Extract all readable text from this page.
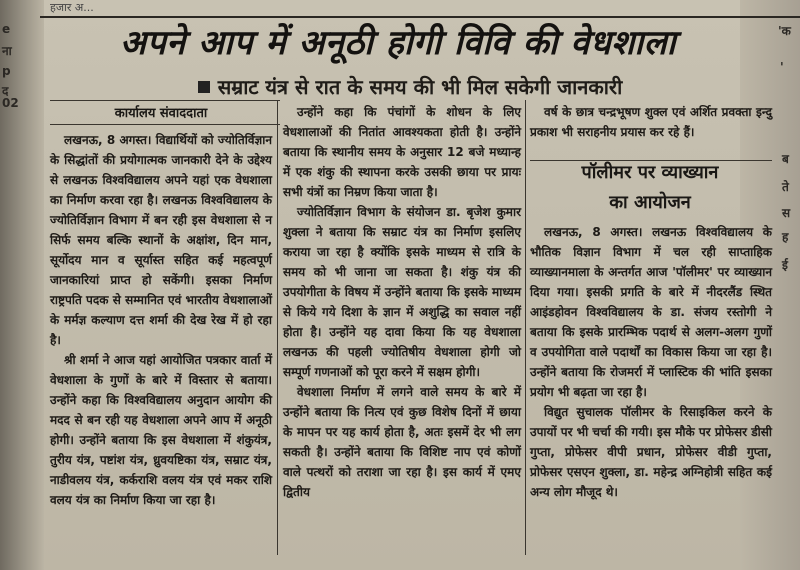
हजार अ...
e
ना
p
द
02
'क
'
ब
ते
स
ह
ई
अपने आप में अनूठी होगी विवि की वेधशाला
सम्राट यंत्र से रात के समय की भी मिल सकेगी जानकारी
कार्यालय संवाददाता

लखनऊ, 8 अगस्त। विद्यार्थियों को ज्योतिर्विज्ञान के सिद्धांतों की प्रयोगात्मक जानकारी देने के उद्देश्य से लखनऊ विश्वविद्यालय अपने यहां एक वेधशाला का निर्माण करवा रहा है। लखनऊ विश्वविद्यालय के ज्योतिर्विज्ञान विभाग में बन रही इस वेधशाला से न सिर्फ समय बल्कि स्थानों के अक्षांश, दिन मान, सूर्योदय मान व सूर्यास्त सहित कई महत्वपूर्ण जानकारियां प्राप्त हो सकेंगी। इसका निर्माण राष्ट्रपति पदक से सम्मानित एवं भारतीय वेधशालाओं के मर्मज्ञ कल्याण दत्त शर्मा की देख रेख में हो रहा है।

श्री शर्मा ने आज यहां आयोजित पत्रकार वार्ता में वेधशाला के गुणों के बारे में विस्तार से बताया। उन्होंने कहा कि विश्वविद्यालय अनुदान आयोग की मदद से बन रही यह वेधशाला अपने आप में अनूठी होगी। उन्होंने बताया कि इस वेधशाला में शंकुयंत्र, तुरीय यंत्र, पष्टांश यंत्र, ध्रुवयष्टिका यंत्र, सम्राट यंत्र, नाडीवलय यंत्र, कर्कराशि वलय यंत्र एवं मकर राशि वलय यंत्र का निर्माण किया जा रहा है।

उन्होंने कहा कि पंचांगों के शोधन के लिए वेधशालाओं की नितांत आवश्यकता होती है। उन्होंने बताया कि स्थानीय समय के अनुसार 12 बजे मध्यान्ह में एक शंकु की स्थापना करके उसकी छाया पर प्रायः सभी यंत्रों का निम्रण किया जाता है।

ज्योतिर्विज्ञान विभाग के संयोजन डा. बृजेश कुमार शुक्ला ने बताया कि सम्राट यंत्र का निर्माण इसलिए कराया जा रहा है क्योंकि इसके माध्यम से रात्रि के समय को भी जाना जा सकता है। शंकु यंत्र की उपयोगीता के विषय में उन्होंने बताया कि इसके माध्यम से किये गये दिशा के ज्ञान में अशुद्धि का सवाल नहीं होता है। उन्होंने यह दावा किया कि यह वेधशाला लखनऊ की पहली ज्योतिषीय वेधशाला होगी जो सम्पूर्ण गणनाओं को पूरा करने में सक्षम होगी।

वेधशाला निर्माण में लगने वाले समय के बारे में उन्होंने बताया कि नित्य एवं कुछ विशेष दिनों में छाया के मापन पर यह कार्य होता है, अतः इसमें देर भी लग सकती है। उन्होंने बताया कि विशिष्ट नाप एवं कोणों वाले पत्थरों को तराशा जा रहा है। इस कार्य में एमए द्वितीय

वर्ष के छात्र चन्द्रभूषण शुक्ल एवं अर्शित प्रवक्ता इन्दु प्रकाश भी सराहनीय प्रयास कर रहे हैं।

पॉलीमर पर व्याख्यान
का आयोजन

लखनऊ, 8 अगस्त। लखनऊ विश्वविद्यालय के भौतिक विज्ञान विभाग में चल रही साप्ताहिक व्याख्यानमाला के अन्तर्गत आज 'पॉलीमर' पर व्याख्यान दिया गया। इसकी प्रगति के बारे में नीदरलैंड स्थित आइंडहोवन विश्वविद्यालय के डा. संजय रस्तोगी ने बताया कि इसके प्रारम्भिक पदार्थ से अलग-अलग गुणों व उपयोगिता वाले पदार्थों का विकास किया जा रहा है। उन्होंने बताया कि रोजमर्रा में प्लास्टिक की भांति इसका प्रयोग भी बढ़ता जा रहा है।

विद्युत सुचालक पॉलीमर के रिसाइकिल करने के उपायों पर भी चर्चा की गयी। इस मौके पर प्रोफेसर डीसी गुप्ता, प्रोफेसर वीपी प्रधान, प्रोफेसर वीडी गुप्ता, प्रोफेसर एसएन शुक्ला, डा. महेन्द्र अग्निहोत्री सहित कई अन्य लोग मौजूद थे।
